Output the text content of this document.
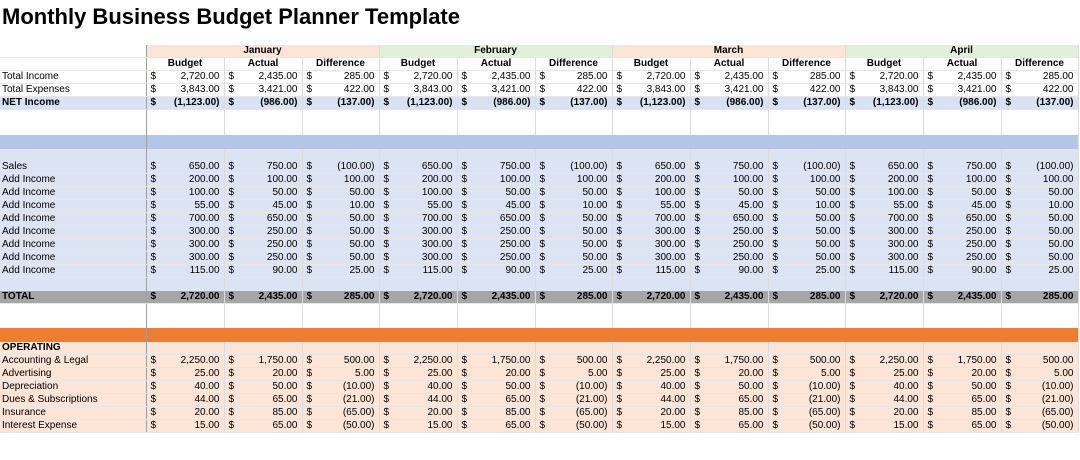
Monthly Business Budget Planner Template
	January						February						March						April					
	Budget		Actual		Difference		Budget		Actual		Difference		Budget		Actual		Difference		Budget		Actual		Difference	
Total Income	$	2,720.00	$	2,435.00	$	285.00	$	2,720.00	$	2,435.00	$	285.00	$	2,720.00	$	2,435.00	$	285.00	$	2,720.00	$	2,435.00	$	285.00
Total Expenses	$	3,843.00	$	3,421.00	$	422.00	$	3,843.00	$	3,421.00	$	422.00	$	3,843.00	$	3,421.00	$	422.00	$	3,843.00	$	3,421.00	$	422.00
NET Income	$	(1,123.00)	$	(986.00)	$	(137.00)	$	(1,123.00)	$	(986.00)	$	(137.00)	$	(1,123.00)	$	(986.00)	$	(137.00)	$	(1,123.00)	$	(986.00)	$	(137.00)

Sales	$	650.00	$	750.00	$	(100.00)	$	650.00	$	750.00	$	(100.00)	$	650.00	$	750.00	$	(100.00)	$	650.00	$	750.00	$	(100.00)
Add Income	$	200.00	$	100.00	$	100.00	$	200.00	$	100.00	$	100.00	$	200.00	$	100.00	$	100.00	$	200.00	$	100.00	$	100.00
Add Income	$	100.00	$	50.00	$	50.00	$	100.00	$	50.00	$	50.00	$	100.00	$	50.00	$	50.00	$	100.00	$	50.00	$	50.00
Add Income	$	55.00	$	45.00	$	10.00	$	55.00	$	45.00	$	10.00	$	55.00	$	45.00	$	10.00	$	55.00	$	45.00	$	10.00
Add Income	$	700.00	$	650.00	$	50.00	$	700.00	$	650.00	$	50.00	$	700.00	$	650.00	$	50.00	$	700.00	$	650.00	$	50.00
Add Income	$	300.00	$	250.00	$	50.00	$	300.00	$	250.00	$	50.00	$	300.00	$	250.00	$	50.00	$	300.00	$	250.00	$	50.00
Add Income	$	300.00	$	250.00	$	50.00	$	300.00	$	250.00	$	50.00	$	300.00	$	250.00	$	50.00	$	300.00	$	250.00	$	50.00
Add Income	$	300.00	$	250.00	$	50.00	$	300.00	$	250.00	$	50.00	$	300.00	$	250.00	$	50.00	$	300.00	$	250.00	$	50.00
Add Income	$	115.00	$	90.00	$	25.00	$	115.00	$	90.00	$	25.00	$	115.00	$	90.00	$	25.00	$	115.00	$	90.00	$	25.00

TOTAL	$	2,720.00	$	2,435.00	$	285.00	$	2,720.00	$	2,435.00	$	285.00	$	2,720.00	$	2,435.00	$	285.00	$	2,720.00	$	2,435.00	$	285.00

OPERATING																								
Accounting & Legal	$	2,250.00	$	1,750.00	$	500.00	$	2,250.00	$	1,750.00	$	500.00	$	2,250.00	$	1,750.00	$	500.00	$	2,250.00	$	1,750.00	$	500.00
Advertising	$	25.00	$	20.00	$	5.00	$	25.00	$	20.00	$	5.00	$	25.00	$	20.00	$	5.00	$	25.00	$	20.00	$	5.00
Depreciation	$	40.00	$	50.00	$	(10.00)	$	40.00	$	50.00	$	(10.00)	$	40.00	$	50.00	$	(10.00)	$	40.00	$	50.00	$	(10.00)
Dues & Subscriptions	$	44.00	$	65.00	$	(21.00)	$	44.00	$	65.00	$	(21.00)	$	44.00	$	65.00	$	(21.00)	$	44.00	$	65.00	$	(21.00)
Insurance	$	20.00	$	85.00	$	(65.00)	$	20.00	$	85.00	$	(65.00)	$	20.00	$	85.00	$	(65.00)	$	20.00	$	85.00	$	(65.00)
Interest Expense	$	15.00	$	65.00	$	(50.00)	$	15.00	$	65.00	$	(50.00)	$	15.00	$	65.00	$	(50.00)	$	15.00	$	65.00	$	(50.00)
